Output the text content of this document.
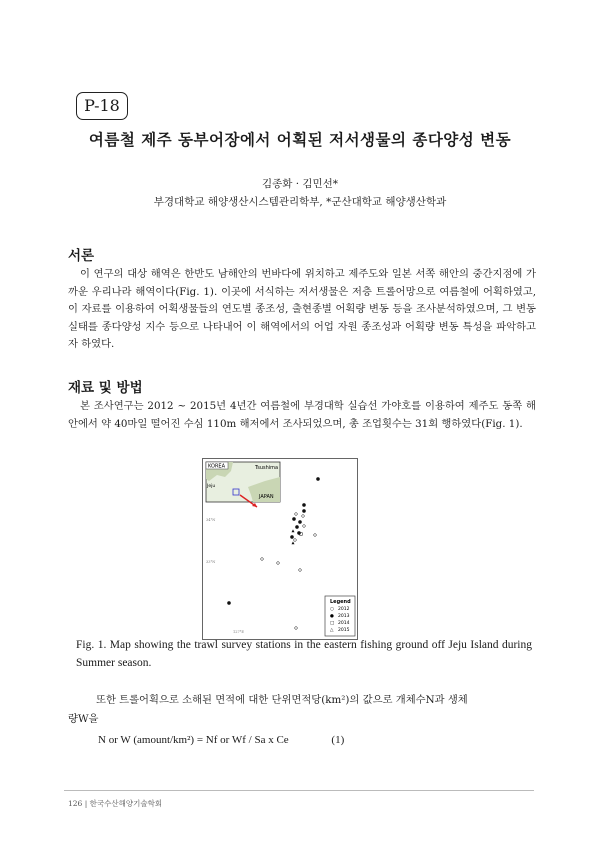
P-18
여름철 제주 동부어장에서 어획된 저서생물의 종다양성 변동
김종화 · 김민선*
부경대학교 해양생산시스템관리학부, *군산대학교 해양생산학과
서론
이 연구의 대상 해역은 한반도 남해안의 번바다에 위치하고 제주도와 일본 서쪽 해안의 중간지점에 가까운 우리나라 해역이다(Fig. 1). 이곳에 서식하는 저서생물은 저층 트롤어망으로 여름철에 어획하였고, 이 자료를 이용하여 어획생물들의 연도별 종조성, 출현종별 어획량 변동 등을 조사분석하였으며, 그 변동 실태를 종다양성 지수 등으로 나타내어 이 해역에서의 어업 자원 종조성과 어획량 변동 특성을 파악하고자 하였다.
재료 및 방법
본 조사연구는 2012 ~ 2015년 4년간 여름철에 부경대학 실습선 가야호를 이용하여 제주도 동쪽 해안에서 약 40마일 떨어진 수심 110m 해저에서 조사되었으며, 총 조업횟수는 31회 행하였다(Fig. 1).
KOREA	Tsushima
Jeju
JAPAN
34°N
33°N
127°E
Legend
○ 2012
● 2013
□ 2014
△ 2015
Fig. 1. Map showing the trawl survey stations in the eastern fishing ground off Jeju Island during Summer season.
또한 트롤어획으로 소해된 면적에 대한 단위면적당(km²)의 값으로 개체수N과 생체
량W을
N or W (amount/km²) = Nf or Wf / Sa x Ce	(1)
126 | 한국수산해양기술학회
